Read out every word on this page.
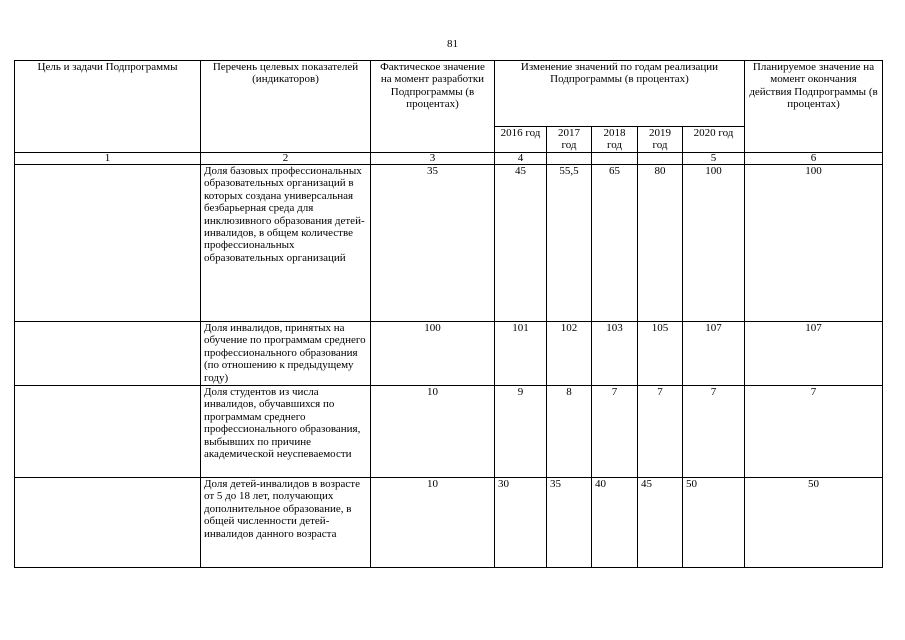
81
Цель и задачи Подпрограммы	Перечень целевых показателей (индикаторов)	Фактическое значение на момент разработки Подпрограммы (в процентах)	Изменение значений по годам реализации Подпрограммы (в процентах)					Планируемое значение на момент окончания действия Подпрограммы (в процентах)
			2016 год	2017 год	2018 год	2019 год	2020 год	
1	2	3	4				5	6
	Доля базовых профессиональных образовательных организаций в которых создана универсальная безбарьерная среда для инклюзивного образования детей-инвалидов, в общем количестве профессиональных образовательных организаций	35	45	55,5	65	80	100	100
	Доля инвалидов, принятых на обучение по программам среднего профессионального образования (по отношению к предыдущему году)	100	101	102	103	105	107	107
	Доля студентов из числа инвалидов, обучавшихся по программам среднего профессионального образования, выбывших по причине академической неуспеваемости	10	9	8	7	7	7	7
	Доля детей-инвалидов в возрасте от 5 до 18 лет, получающих дополнительное образование, в общей численности детей-инвалидов данного возраста	10	30	35	40	45	50	50
